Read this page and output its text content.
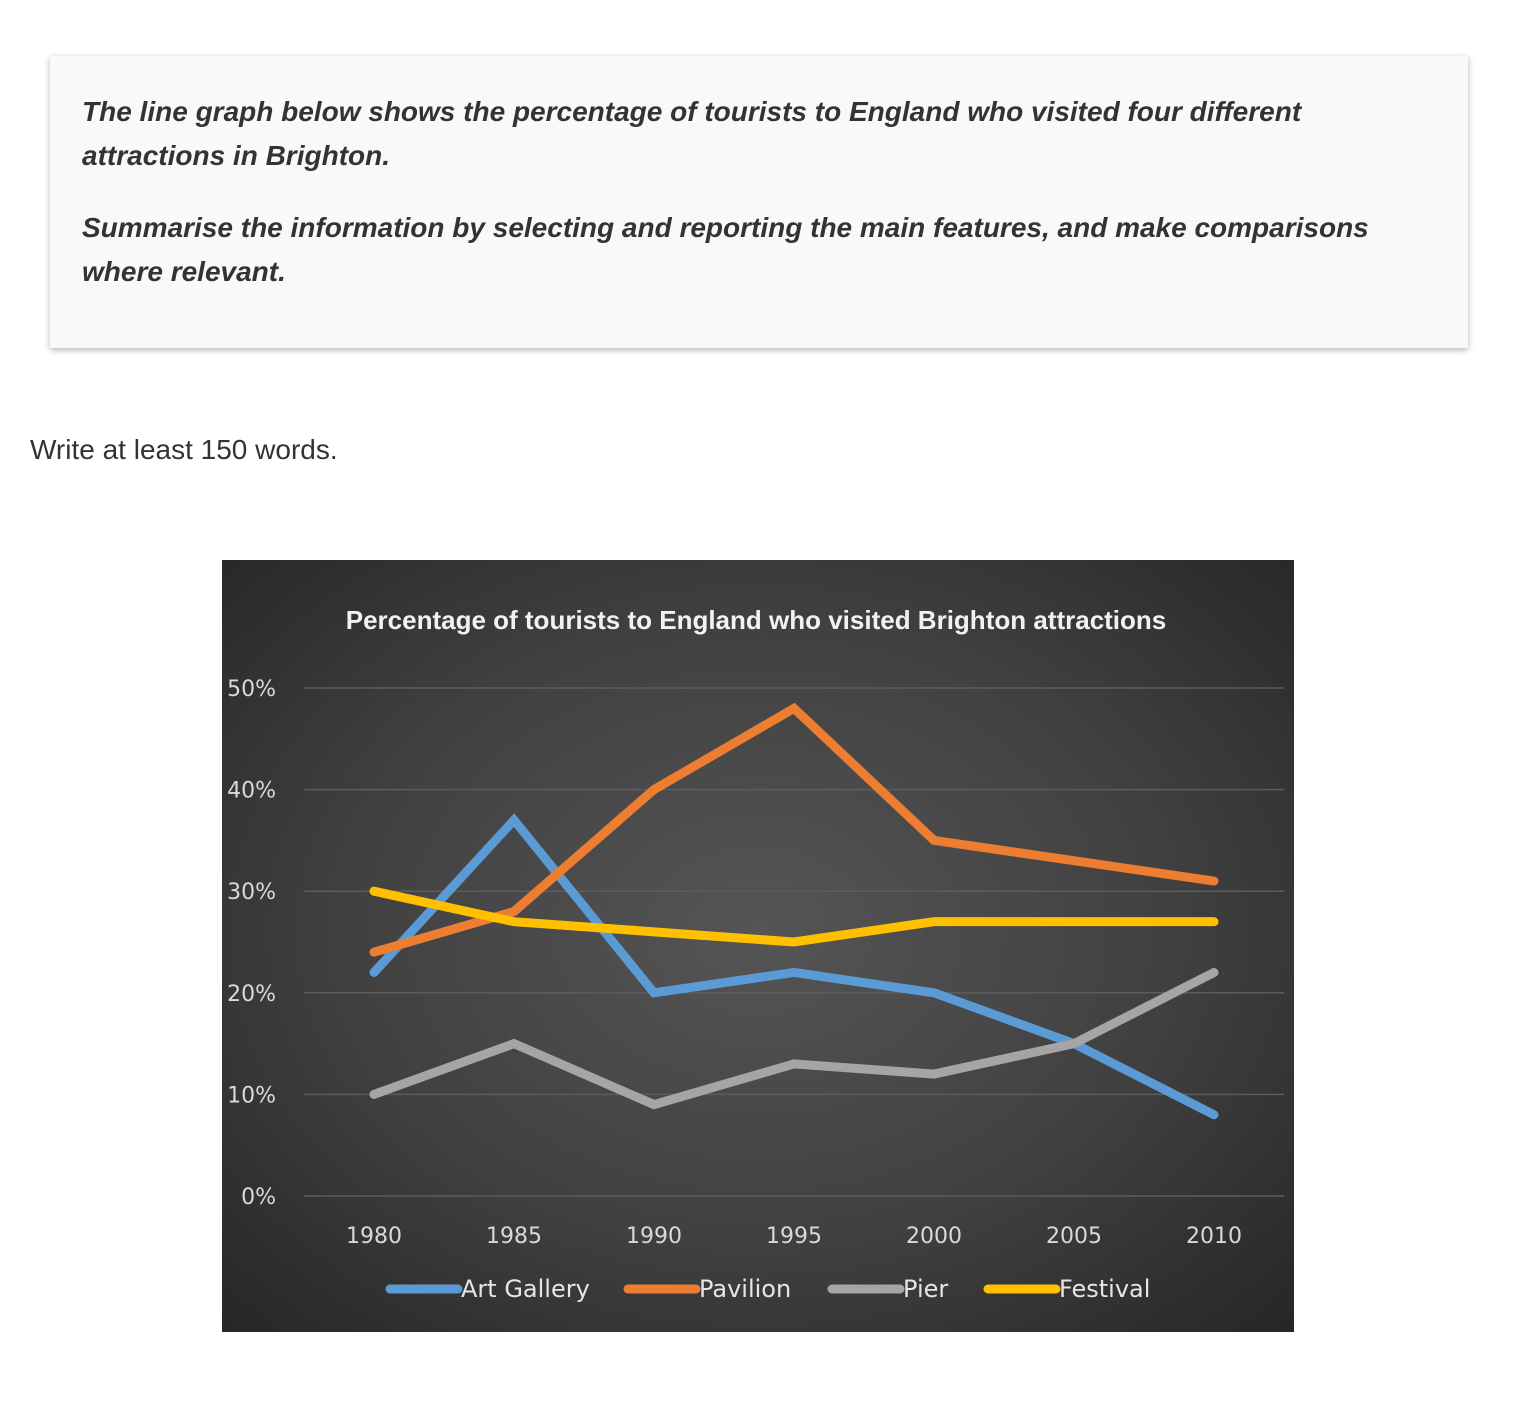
The line graph below shows the percentage of tourists to England who visited four different attractions in Brighton.

Summarise the information by selecting and reporting the main features, and make comparisons where relevant.

Write at least 150 words.

Percentage of tourists to England who visited Brighton attractions
0%
10%
20%
30%
40%
50%
1980	1985	1990	1995	2000	2005	2010
Art Gallery	Pavilion	Pier	Festival
